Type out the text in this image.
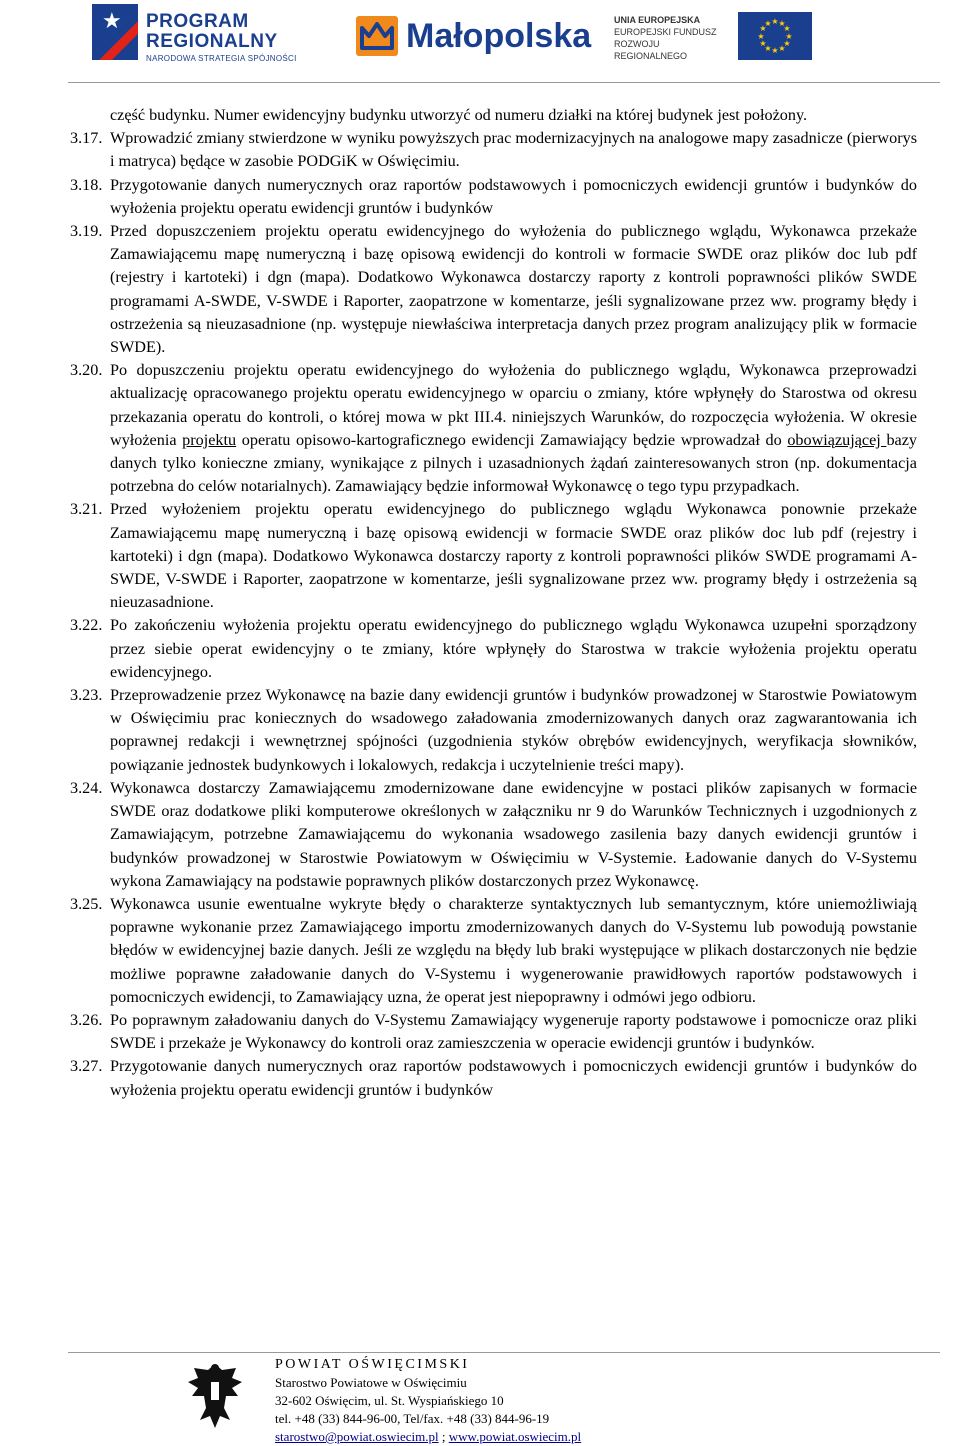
★ PROGRAM
REGIONALNY
NARODOWA STRATEGIA SPÓJNOŚCI
Małopolska	UNIA EUROPEJSKA
EUROPEJSKI FUNDUSZ
ROZWOJU REGIONALNEGO
★ ★
★
★
★
★
★
★
★
★
★
★

część budynku. Numer ewidencyjny budynku utworzyć od numeru działki na której budynek jest położony.

3.17. Wprowadzić zmiany stwierdzone w wyniku powyższych prac modernizacyjnych na analogowe mapy zasadnicze (pierworys i matryca) będące w zasobie PODGiK w Oświęcimiu.

3.18. Przygotowanie danych numerycznych oraz raportów podstawowych i pomocniczych ewidencji gruntów i budynków do wyłożenia projektu operatu ewidencji gruntów i budynków

3.19. Przed dopuszczeniem projektu operatu ewidencyjnego do wyłożenia do publicznego wglądu, Wykonawca przekaże Zamawiającemu mapę numeryczną i bazę opisową ewidencji do kontroli w formacie SWDE oraz plików doc lub pdf (rejestry i kartoteki) i dgn (mapa). Dodatkowo Wykonawca dostarczy raporty z kontroli poprawności plików SWDE programami A-SWDE, V-SWDE i Raporter, zaopatrzone w komentarze, jeśli sygnalizowane przez ww. programy błędy i ostrzeżenia są nieuzasadnione (np. występuje niewłaściwa interpretacja danych przez program analizujący plik w formacie SWDE).

3.20. Po dopuszczeniu projektu operatu ewidencyjnego do wyłożenia do publicznego wglądu, Wykonawca przeprowadzi aktualizację opracowanego projektu operatu ewidencyjnego w oparciu o zmiany, które wpłynęły do Starostwa od okresu przekazania operatu do kontroli, o której mowa w pkt III.4. niniejszych Warunków, do rozpoczęcia wyłożenia. W okresie wyłożenia projektu operatu opisowo-kartograficznego ewidencji Zamawiający będzie wprowadzał do obowiązującej bazy danych tylko konieczne zmiany, wynikające z pilnych i uzasadnionych żądań zainteresowanych stron (np. dokumentacja potrzebna do celów notarialnych). Zamawiający będzie informował Wykonawcę o tego typu przypadkach.

3.21. Przed wyłożeniem projektu operatu ewidencyjnego do publicznego wglądu Wykonawca ponownie przekaże Zamawiającemu mapę numeryczną i bazę opisową ewidencji w formacie SWDE oraz plików doc lub pdf (rejestry i kartoteki) i dgn (mapa). Dodatkowo Wykonawca dostarczy raporty z kontroli poprawności plików SWDE programami A-SWDE, V-SWDE i Raporter, zaopatrzone w komentarze, jeśli sygnalizowane przez ww. programy błędy i ostrzeżenia są nieuzasadnione.

3.22. Po zakończeniu wyłożenia projektu operatu ewidencyjnego do publicznego wglądu Wykonawca uzupełni sporządzony przez siebie operat ewidencyjny o te zmiany, które wpłynęły do Starostwa w trakcie wyłożenia projektu operatu ewidencyjnego.

3.23. Przeprowadzenie przez Wykonawcę na bazie dany ewidencji gruntów i budynków prowadzonej w Starostwie Powiatowym w Oświęcimiu prac koniecznych do wsadowego załadowania zmodernizowanych danych oraz zagwarantowania ich poprawnej redakcji i wewnętrznej spójności (uzgodnienia styków obrębów ewidencyjnych, weryfikacja słowników, powiązanie jednostek budynkowych i lokalowych, redakcja i uczytelnienie treści mapy).

3.24. Wykonawca dostarczy Zamawiającemu zmodernizowane dane ewidencyjne w postaci plików zapisanych w formacie SWDE oraz dodatkowe pliki komputerowe określonych w załączniku nr 9 do Warunków Technicznych i uzgodnionych z Zamawiającym, potrzebne Zamawiającemu do wykonania wsadowego zasilenia bazy danych ewidencji gruntów i budynków prowadzonej w Starostwie Powiatowym w Oświęcimiu w V-Systemie. Ładowanie danych do V-Systemu wykona Zamawiający na podstawie poprawnych plików dostarczonych przez Wykonawcę.

3.25. Wykonawca usunie ewentualne wykryte błędy o charakterze syntaktycznych lub semantycznym, które uniemożliwiają poprawne wykonanie przez Zamawiającego importu zmodernizowanych danych do V-Systemu lub powodują powstanie błędów w ewidencyjnej bazie danych. Jeśli ze względu na błędy lub braki występujące w plikach dostarczonych nie będzie możliwe poprawne załadowanie danych do V-Systemu i wygenerowanie prawidłowych raportów podstawowych i pomocniczych ewidencji, to Zamawiający uzna, że operat jest niepoprawny i odmówi jego odbioru.

3.26. Po poprawnym załadowaniu danych do V-Systemu Zamawiający wygeneruje raporty podstawowe i pomocnicze oraz pliki SWDE i przekaże je Wykonawcy do kontroli oraz zamieszczenia w operacie ewidencji gruntów i budynków.

3.27. Przygotowanie danych numerycznych oraz raportów podstawowych i pomocniczych ewidencji gruntów i budynków do wyłożenia projektu operatu ewidencji gruntów i budynków

POWIAT OŚWIĘCIMSKI
Starostwo Powiatowe w Oświęcimiu
32-602 Oświęcim, ul. St. Wyspiańskiego 10
tel. +48 (33) 844-96-00, Tel/fax. +48 (33) 844-96-19
starostwo@powiat.oswiecim.pl ; www.powiat.oswiecim.pl
